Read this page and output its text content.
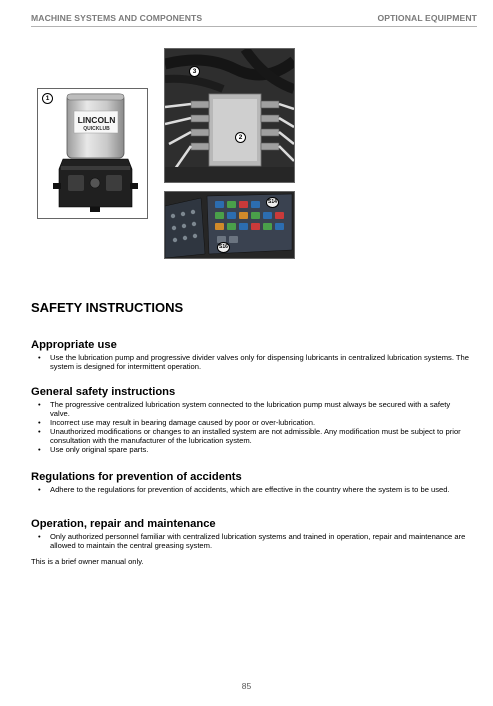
MACHINE SYSTEMS AND COMPONENTS	OPTIONAL EQUIPMENT
1
LINCOLN
QUICKLUB
3
2
S14
S16
SAFETY INSTRUCTIONS
Appropriate use
• Use the lubrication pump and progressive divider valves only for dispensing lubricants in centralized lubrication systems. The system is designed for intermittent operation.
General safety instructions
• The progressive centralized lubrication system connected to the lubrication pump must always be secured with a safety valve.
• Incorrect use may result in bearing damage caused by poor or over-lubrication.
• Unauthorized modifications or changes to an installed system are not admissible. Any modification must be subject to prior consultation with the manufacturer of the lubrication system.
• Use only original spare parts.
Regulations for prevention of accidents
• Adhere to the regulations for prevention of accidents, which are effective in the country where the system is to be used.
Operation, repair and maintenance
• Only authorized personnel familiar with centralized lubrication systems and trained in operation, repair and maintenance are allowed to maintain the central greasing system.
This is a brief owner manual only.
85
